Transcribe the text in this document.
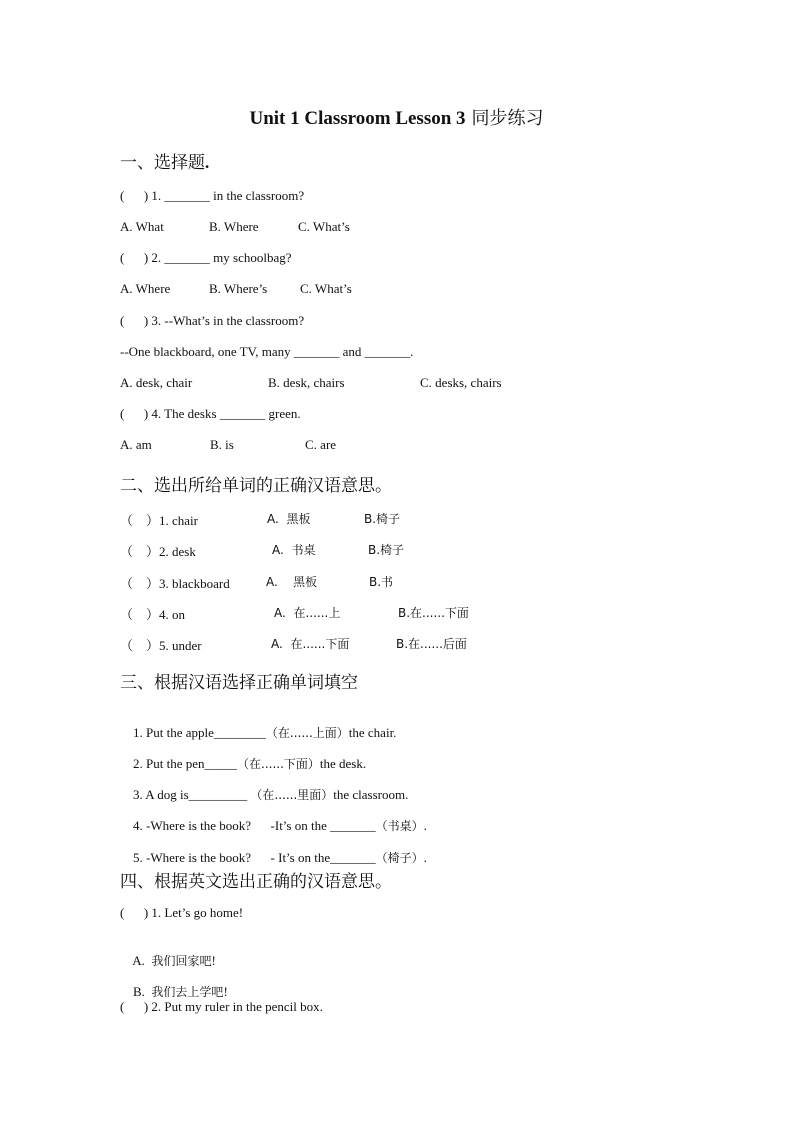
Unit 1 Classroom Lesson 3 同步练习
一、选择题.
(      ) 1. _______ in the classroom?
A. What	B. Where	C. What’s
(      ) 2. _______ my schoolbag?
A. Where	B. Where’s	C. What’s
(      ) 3. --What’s in the classroom?
--One blackboard, one TV, many _______ and _______.
A. desk, chair	B. desk, chairs	C. desks, chairs
(      ) 4. The desks _______ green.
A. am	B. is	C. are
二、选出所给单词的正确汉语意思。
（    ）1. chair	A.  黑板	B.椅子
（    ）2. desk	A.  书桌	B.椅子
（    ）3. blackboard	A.    黑板	B.书
（    ）4. on	A.  在......上	B.在......下面
（    ）5. under	A.  在......下面	B.在......后面
三、根据汉语选择正确单词填空

1. Put the apple________（在......上面）the chair.

2. Put the pen_____（在......下面）the desk.

3. A dog is_________ （在......里面）the classroom.

4. -Where is the book?      -It’s on the _______（书桌）.

5. -Where is the book?      - It’s on the_______（椅子）.

四、根据英文选出正确的汉语意思。
(      ) 1. Let’s go home!

A. 我们回家吧!

B. 我们去上学吧!

(      ) 2. Put my ruler in the pencil box.
